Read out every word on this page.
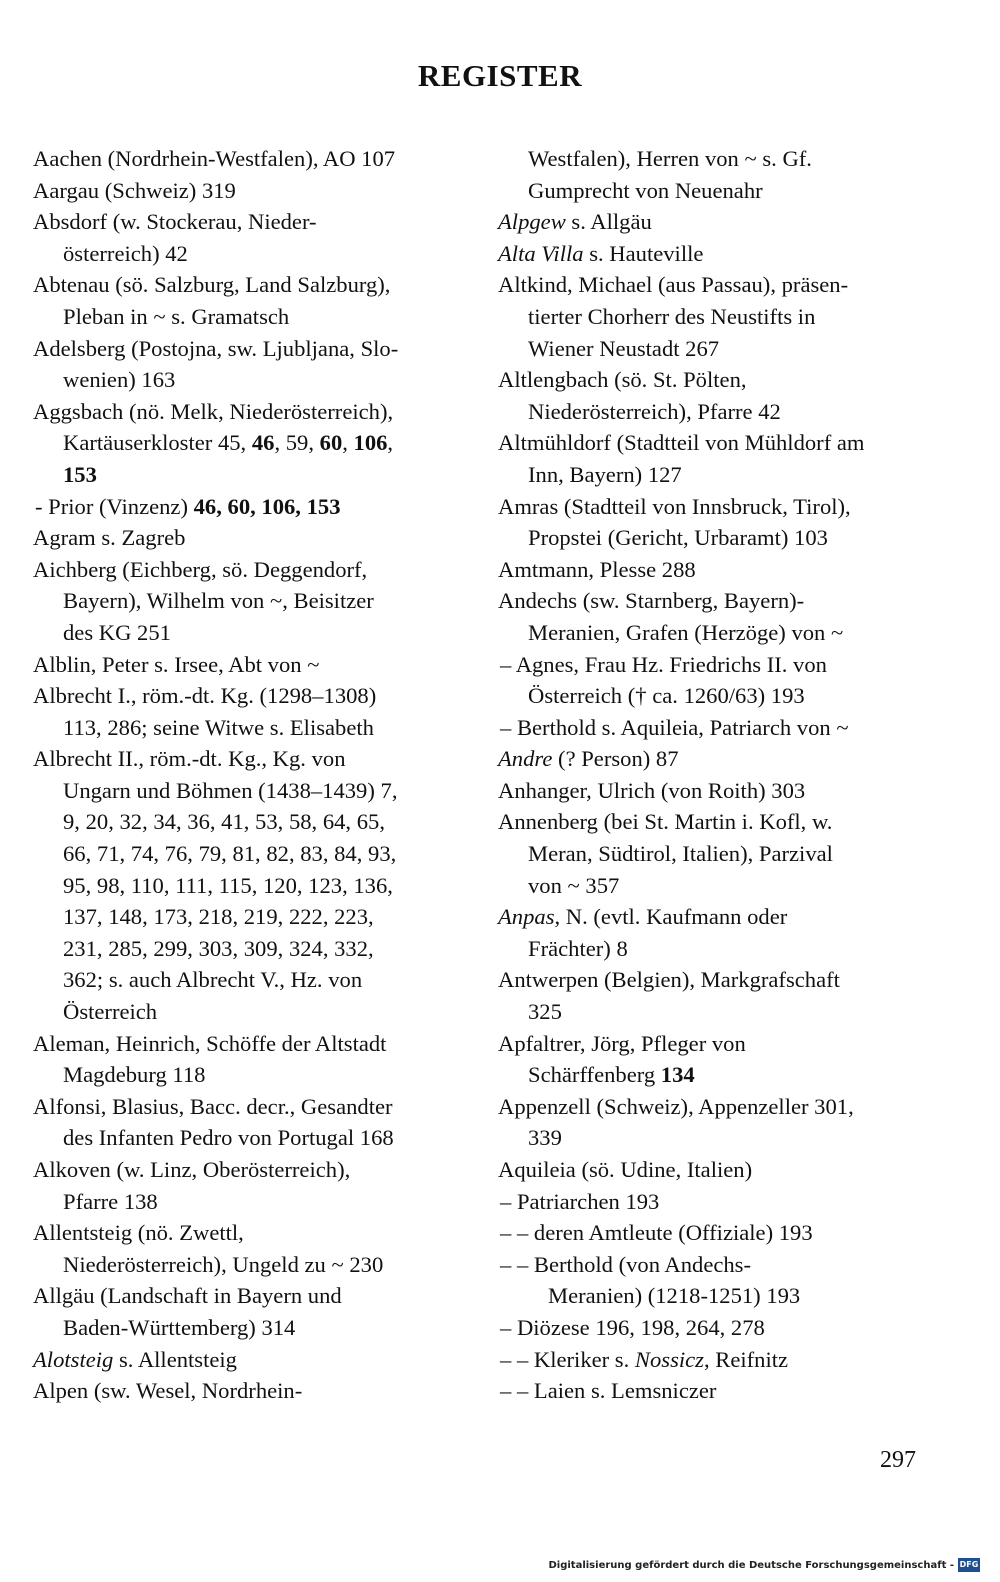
REGISTER
Aachen (Nordrhein-Westfalen), AO 107
Aargau (Schweiz) 319
Absdorf (w. Stockerau, Nieder-
österreich) 42
Abtenau (sö. Salzburg, Land Salzburg),
Pleban in ~ s. Gramatsch
Adelsberg (Postojna, sw. Ljubljana, Slo-
wenien) 163
Aggsbach (nö. Melk, Niederösterreich),
Kartäuserkloster 45, 46, 59, 60, 106,
153
- Prior (Vinzenz) 46, 60, 106, 153
Agram s. Zagreb
Aichberg (Eichberg, sö. Deggendorf,
Bayern), Wilhelm von ~, Beisitzer
des KG 251
Alblin, Peter s. Irsee, Abt von ~
Albrecht I., röm.-dt. Kg. (1298–1308)
113, 286; seine Witwe s. Elisabeth
Albrecht II., röm.-dt. Kg., Kg. von
Ungarn und Böhmen (1438–1439) 7,
9, 20, 32, 34, 36, 41, 53, 58, 64, 65,
66, 71, 74, 76, 79, 81, 82, 83, 84, 93,
95, 98, 110, 111, 115, 120, 123, 136,
137, 148, 173, 218, 219, 222, 223,
231, 285, 299, 303, 309, 324, 332,
362; s. auch Albrecht V., Hz. von
Österreich
Aleman, Heinrich, Schöffe der Altstadt
Magdeburg 118
Alfonsi, Blasius, Bacc. decr., Gesandter
des Infanten Pedro von Portugal 168
Alkoven (w. Linz, Oberösterreich),
Pfarre 138
Allentsteig (nö. Zwettl,
Niederösterreich), Ungeld zu ~ 230
Allgäu (Landschaft in Bayern und
Baden-Württemberg) 314
Alotsteig s. Allentsteig
Alpen (sw. Wesel, Nordrhein-
Westfalen), Herren von ~ s. Gf.
Gumprecht von Neuenahr
Alpgew s. Allgäu
Alta Villa s. Hauteville
Altkind, Michael (aus Passau), präsen-
tierter Chorherr des Neustifts in
Wiener Neustadt 267
Altlengbach (sö. St. Pölten,
Niederösterreich), Pfarre 42
Altmühldorf (Stadtteil von Mühldorf am
Inn, Bayern) 127
Amras (Stadtteil von Innsbruck, Tirol),
Propstei (Gericht, Urbaramt) 103
Amtmann, Plesse 288
Andechs (sw. Starnberg, Bayern)-
Meranien, Grafen (Herzöge) von ~
– Agnes, Frau Hz. Friedrichs II. von
Österreich († ca. 1260/63) 193
– Berthold s. Aquileia, Patriarch von ~
Andre (? Person) 87
Anhanger, Ulrich (von Roith) 303
Annenberg (bei St. Martin i. Kofl, w.
Meran, Südtirol, Italien), Parzival
von ~ 357
Anpas, N. (evtl. Kaufmann oder
Frächter) 8
Antwerpen (Belgien), Markgrafschaft
325
Apfaltrer, Jörg, Pfleger von
Schärffenberg 134
Appenzell (Schweiz), Appenzeller 301,
339
Aquileia (sö. Udine, Italien)
– Patriarchen 193
– – deren Amtleute (Offiziale) 193
– – Berthold (von Andechs-
Meranien) (1218-1251) 193
– Diözese 196, 198, 264, 278
– – Kleriker s. Nossicz, Reifnitz
– – Laien s. Lemsniczer
297
Digitalisierung gefördert durch die Deutsche Forschungsgemeinschaft - DFG
